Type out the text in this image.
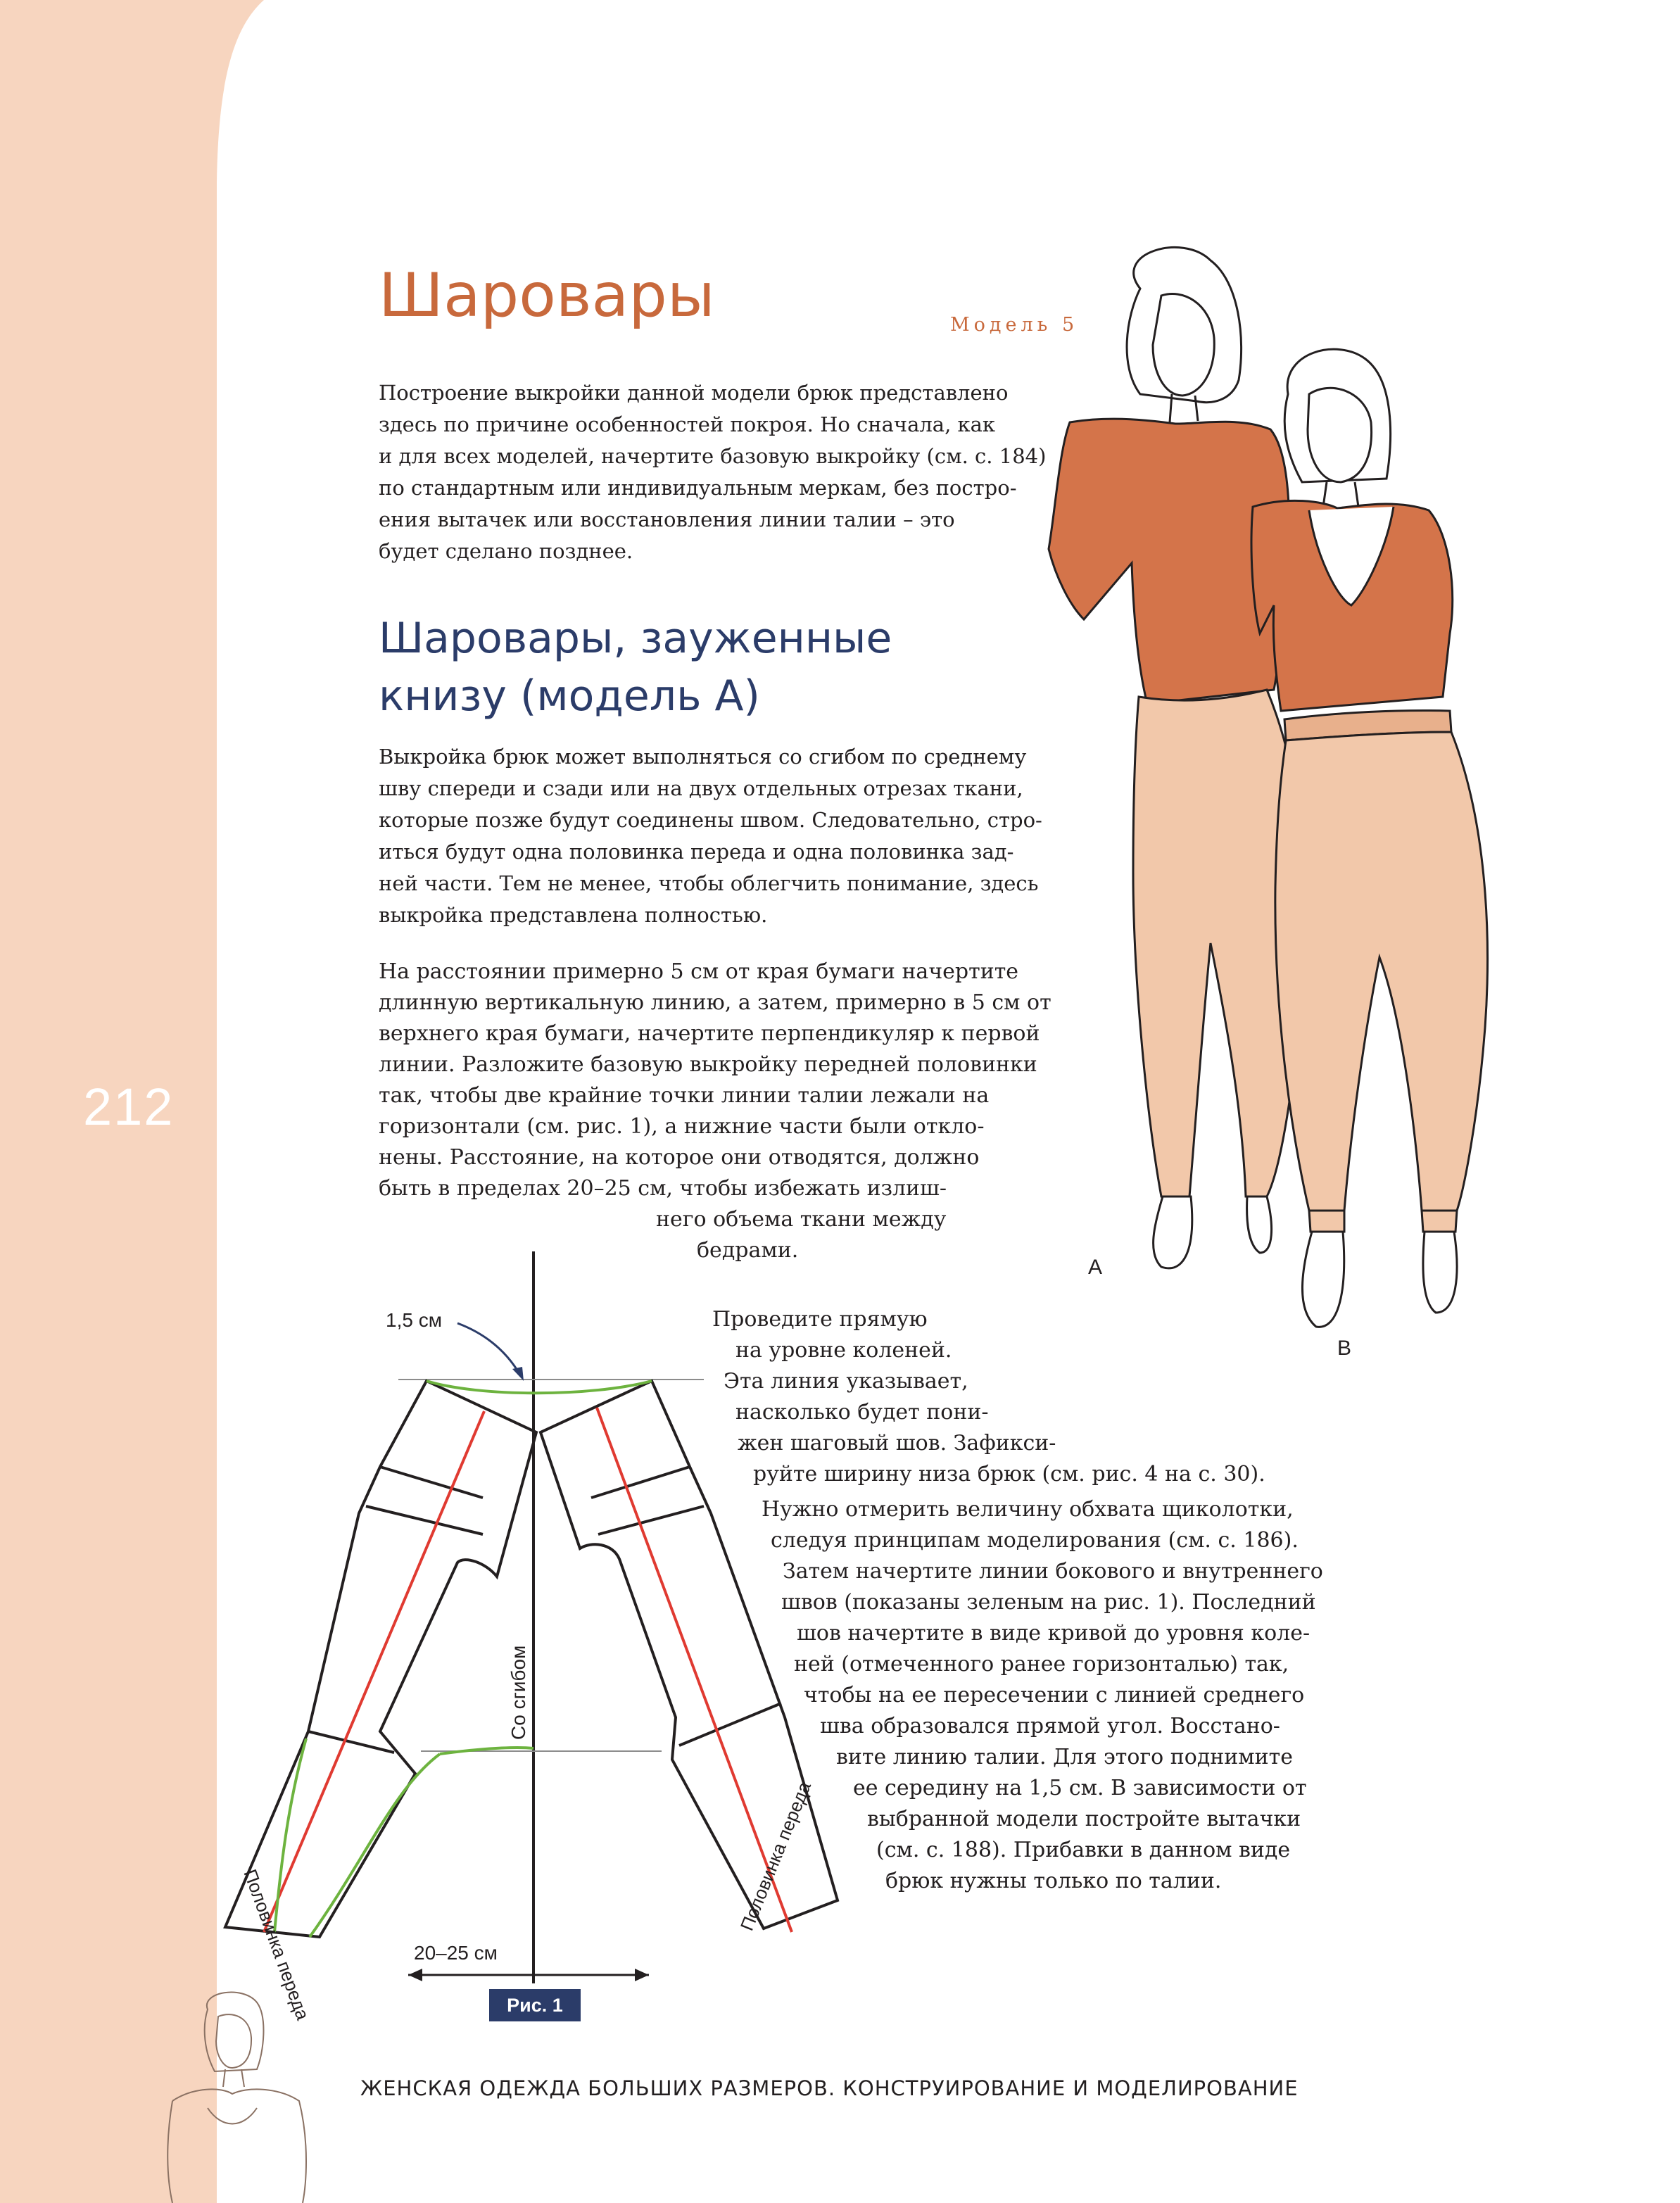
212
Шаровары	Модель 5
Построение выкройки данной модели брюк представлено
здесь по причине особенностей покроя. Но сначала, как
и для всех моделей, начертите базовую выкройку (см. с. 184)
по стандартным или индивидуальным меркам, без постро-
ения вытачек или восстановления линии талии – это
будет сделано позднее.
Шаровары, зауженные
книзу (модель А)
Выкройка брюк может выполняться со сгибом по среднему
шву спереди и сзади или на двух отдельных отрезах ткани,
которые позже будут соединены швом. Следовательно, стро-
иться будут одна половинка переда и одна половинка зад-
ней части. Тем не менее, чтобы облегчить понимание, здесь
выкройка представлена полностью.
На расстоянии примерно 5 см от края бумаги начертите
длинную вертикальную линию, а затем, примерно в 5 см от
верхнего края бумаги, начертите перпендикуляр к первой
линии. Разложите базовую выкройку передней половинки
так, чтобы две крайние точки линии талии лежали на
горизонтали (см. рис. 1), а нижние части были откло-
нены. Расстояние, на которое они отводятся, должно
быть в пределах 20–25 см, чтобы избежать излиш-
него объема ткани между
бедрами.
Проведите прямую
на уровне коленей.
Эта линия указывает,
насколько будет пони-
жен шаговый шов. Зафикси-
руйте ширину низа брюк (см. рис. 4 на с. 30).
Нужно отмерить величину обхвата щиколотки,
следуя принципам моделирования (см. с. 186).
Затем начертите линии бокового и внутреннего
швов (показаны зеленым на рис. 1). Последний
шов начертите в виде кривой до уровня коле-
ней (отмеченного ранее горизонталью) так,
чтобы на ее пересечении с линией среднего
шва образовался прямой угол. Восстано-
вите линию талии. Для этого поднимите
ее середину на 1,5 см. В зависимости от
выбранной модели постройте вытачки
(см. с. 188). Прибавки в данном виде
брюк нужны только по талии.
A
B
1,5 см
Со сгибом
Половинка переда
Половинка переда
20–25 см
Рис. 1
ЖЕНСКАЯ ОДЕЖДА БОЛЬШИХ РАЗМЕРОВ. КОНСТРУИРОВАНИЕ И МОДЕЛИРОВАНИЕ
